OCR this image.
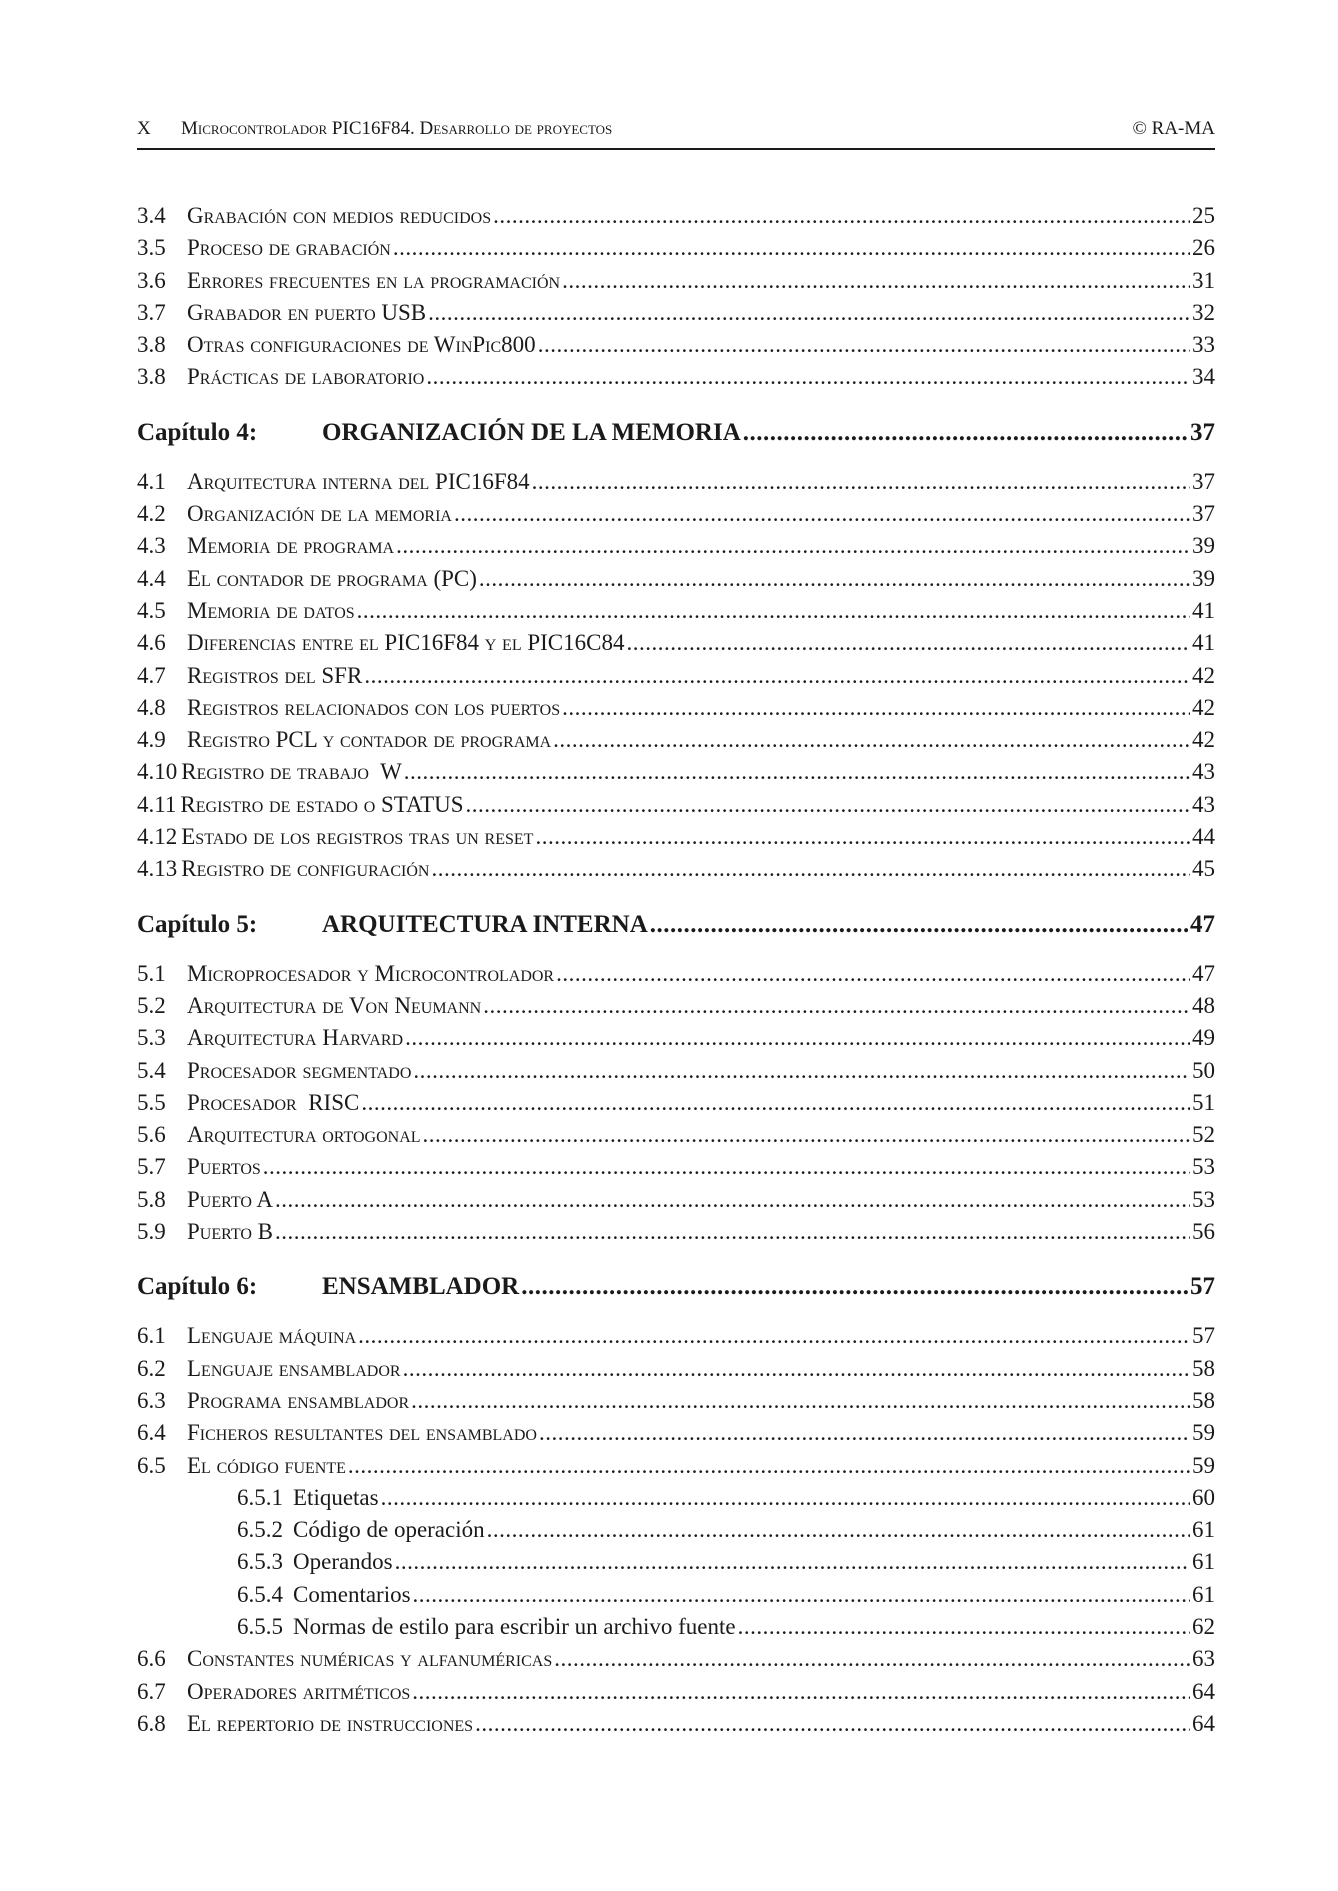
X	Microcontrolador PIC16F84. Desarrollo de proyectos	© RA-MA
3.4 Grabación con medios reducidos .....	25
3.5 Proceso de grabación .....	26
3.6 Errores frecuentes en la programación .....	31
3.7 Grabador en puerto USB .....	32
3.8 Otras configuraciones de WinPic800 .....	33
3.8 Prácticas de laboratorio .....	34
Capítulo 4:	ORGANIZACIÓN DE LA MEMORIA .....	37
4.1 Arquitectura interna del PIC16F84 .....	37
4.2 Organización de la memoria .....	37
4.3 Memoria de programa .....	39
4.4 El contador de programa (PC) .....	39
4.5 Memoria de datos .....	41
4.6 Diferencias entre el PIC16F84 y el PIC16C84 .....	41
4.7 Registros del SFR .....	42
4.8 Registros relacionados con los puertos .....	42
4.9 Registro PCL y contador de programa .....	42
4.10 Registro de trabajo  W .....	43
4.11 Registro de estado o STATUS .....	43
4.12 Estado de los registros tras un reset .....	44
4.13 Registro de configuración .....	45
Capítulo 5:	ARQUITECTURA INTERNA .....	47
5.1 Microprocesador y Microcontrolador .....	47
5.2 Arquitectura de Von Neumann .....	48
5.3 Arquitectura Harvard .....	49
5.4 Procesador segmentado .....	50
5.5 Procesador  RISC .....	51
5.6 Arquitectura ortogonal .....	52
5.7 Puertos .....	53
5.8 Puerto A .....	53
5.9 Puerto B .....	56
Capítulo 6:	ENSAMBLADOR .....	57
6.1 Lenguaje máquina .....	57
6.2 Lenguaje ensamblador .....	58
6.3 Programa ensamblador .....	58
6.4 Ficheros resultantes del ensamblado .....	59
6.5 El código fuente .....	59
6.5.1 Etiquetas .....	60
6.5.2 Código de operación .....	61
6.5.3 Operandos .....	61
6.5.4 Comentarios .....	61
6.5.5 Normas de estilo para escribir un archivo fuente .....	62
6.6 Constantes numéricas y alfanuméricas .....	63
6.7 Operadores aritméticos .....	64
6.8 El repertorio de instrucciones .....	64
